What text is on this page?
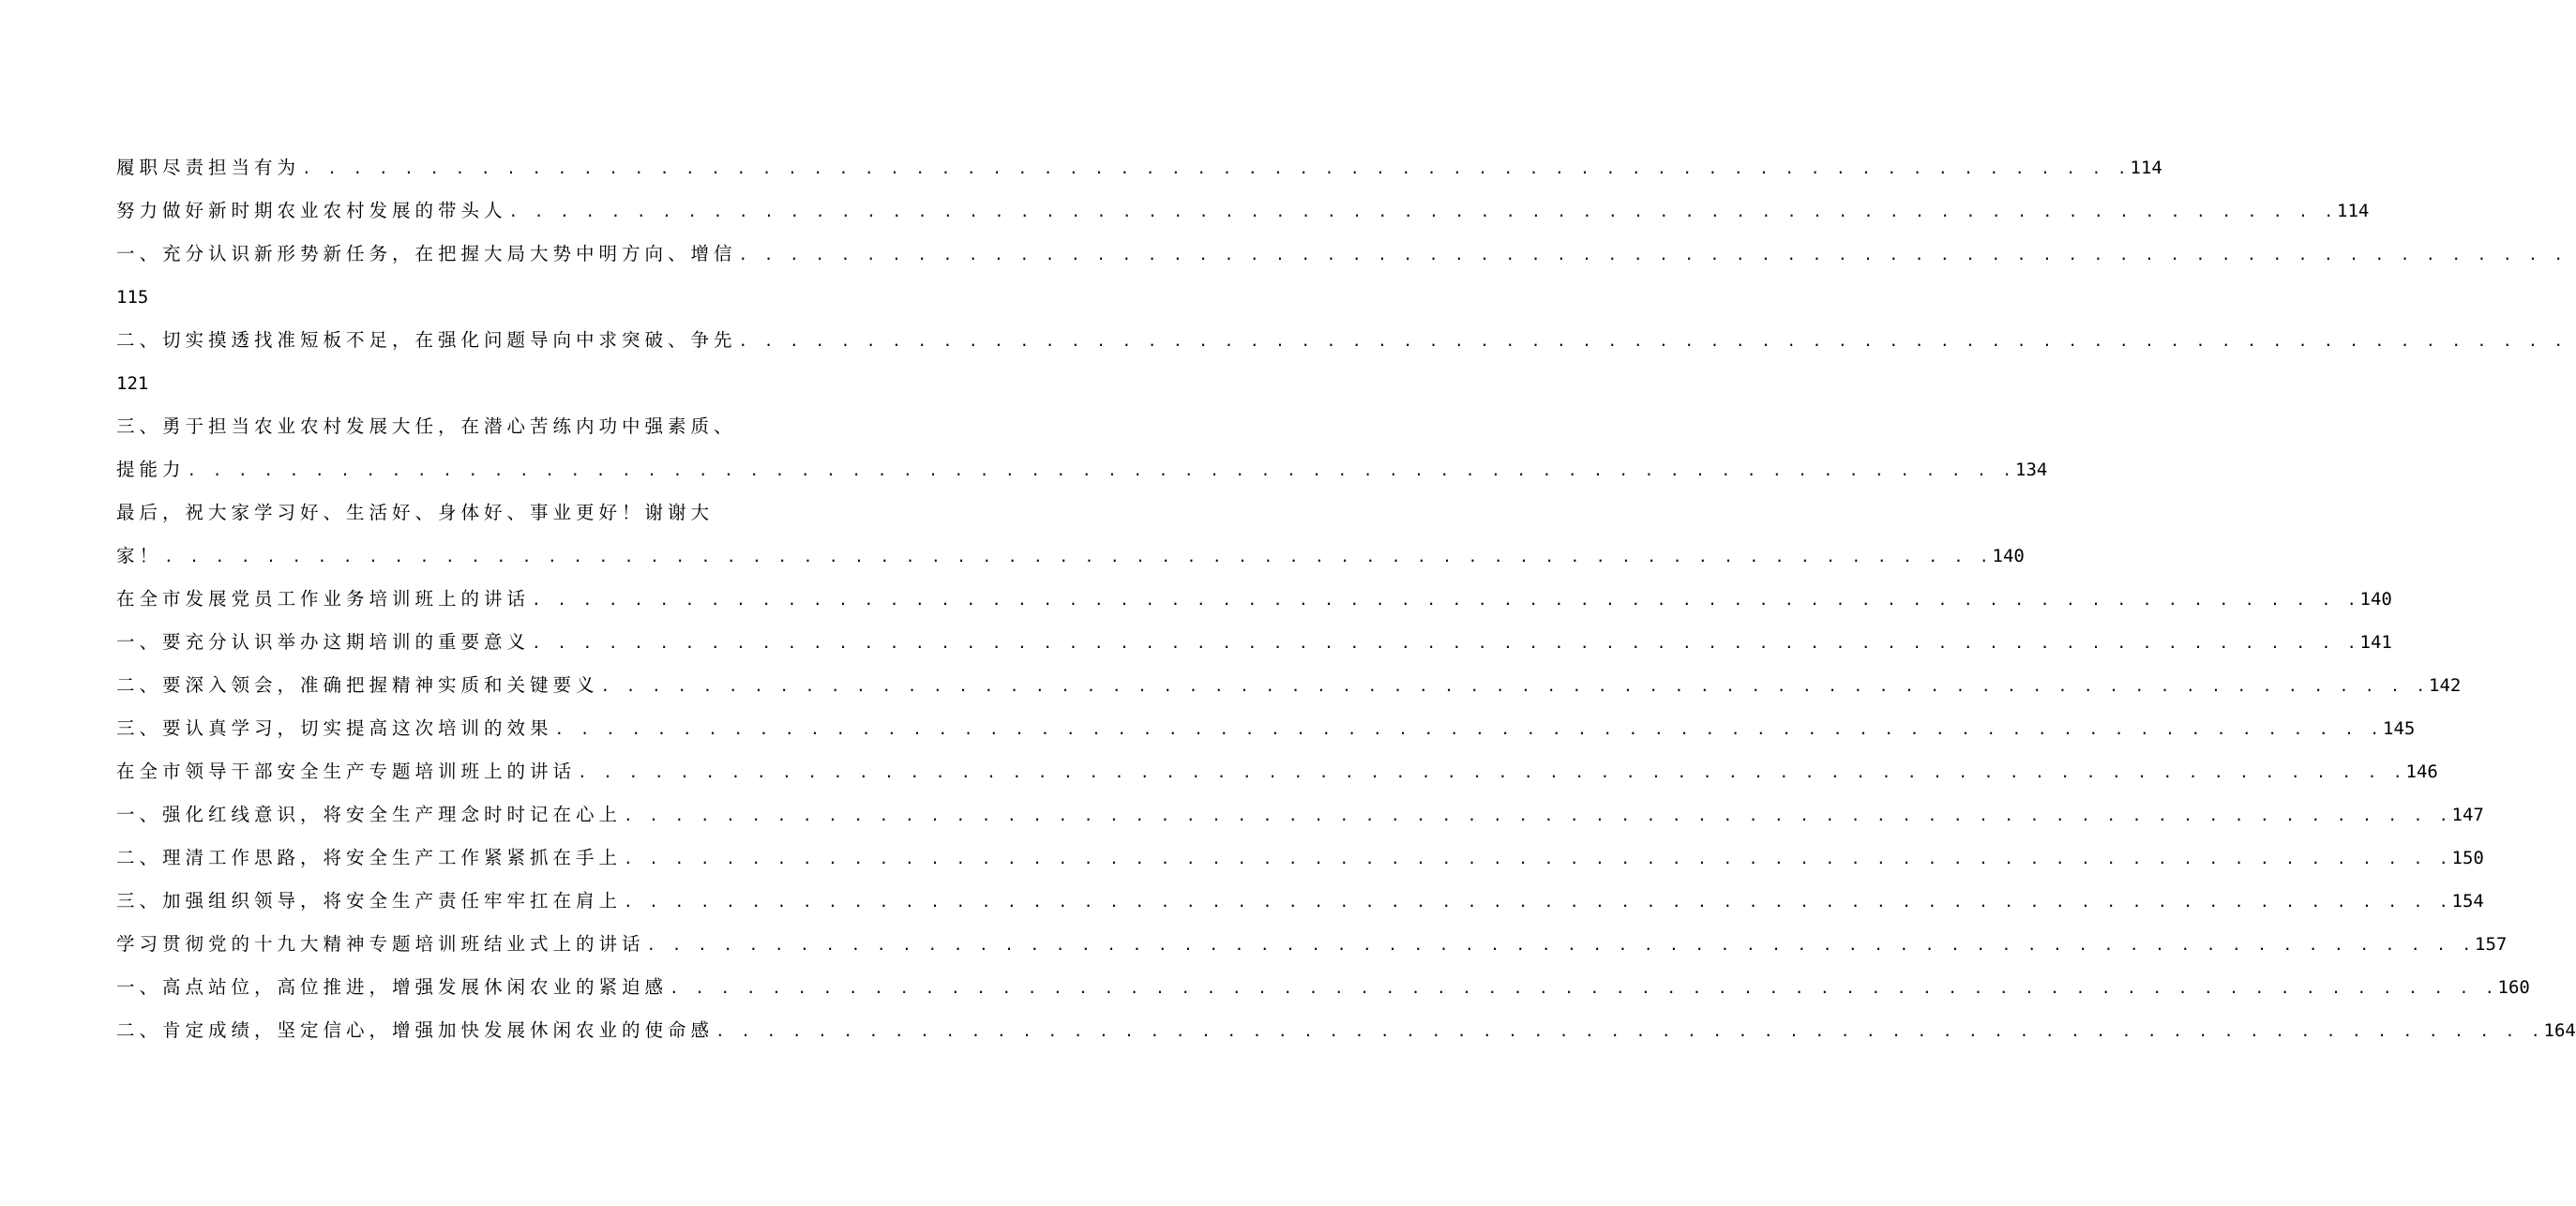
履职尽责担当有为 . . . . . . . . . . . . . . . . . . . . . . . . . . . . . . . . . . . . . . . . . . . . . . . . . . . . . . . . . . . . . . . . . . . . . . . . 114
努力做好新时期农业农村发展的带头人 . . . . . . . . . . . . . . . . . . . . . . . . . . . . . . . . . . . . . . . . . . . . . . . . . . . . . . . . . . . . . . . . . . . . . . . . 114
一、充分认识新形势新任务，在把握大局大势中明方向、增信 . . . . . . . . . . . . . . . . . . . . . . . . . . . . . . . . . . . . . . . . . . . . . . . . . . . . . . . . . . . . . . . . . . . . . . . .
115
二、切实摸透找准短板不足，在强化问题导向中求突破、争先 . . . . . . . . . . . . . . . . . . . . . . . . . . . . . . . . . . . . . . . . . . . . . . . . . . . . . . . . . . . . . . . . . . . . . . . .
121
三、勇于担当农业农村发展大任，在潜心苦练内功中强素质、
提能力 . . . . . . . . . . . . . . . . . . . . . . . . . . . . . . . . . . . . . . . . . . . . . . . . . . . . . . . . . . . . . . . . . . . . . . . . 134
最后，祝大家学习好、生活好、身体好、事业更好！谢谢大
家！ . . . . . . . . . . . . . . . . . . . . . . . . . . . . . . . . . . . . . . . . . . . . . . . . . . . . . . . . . . . . . . . . . . . . . . . . 140
在全市发展党员工作业务培训班上的讲话 . . . . . . . . . . . . . . . . . . . . . . . . . . . . . . . . . . . . . . . . . . . . . . . . . . . . . . . . . . . . . . . . . . . . . . . . 140
一、要充分认识举办这期培训的重要意义 . . . . . . . . . . . . . . . . . . . . . . . . . . . . . . . . . . . . . . . . . . . . . . . . . . . . . . . . . . . . . . . . . . . . . . . . 141
二、要深入领会，准确把握精神实质和关键要义 . . . . . . . . . . . . . . . . . . . . . . . . . . . . . . . . . . . . . . . . . . . . . . . . . . . . . . . . . . . . . . . . . . . . . . . . 142
三、要认真学习，切实提高这次培训的效果 . . . . . . . . . . . . . . . . . . . . . . . . . . . . . . . . . . . . . . . . . . . . . . . . . . . . . . . . . . . . . . . . . . . . . . . . 145
在全市领导干部安全生产专题培训班上的讲话 . . . . . . . . . . . . . . . . . . . . . . . . . . . . . . . . . . . . . . . . . . . . . . . . . . . . . . . . . . . . . . . . . . . . . . . . 146
一、强化红线意识，将安全生产理念时时记在心上 . . . . . . . . . . . . . . . . . . . . . . . . . . . . . . . . . . . . . . . . . . . . . . . . . . . . . . . . . . . . . . . . . . . . . . . . 147
二、理清工作思路，将安全生产工作紧紧抓在手上 . . . . . . . . . . . . . . . . . . . . . . . . . . . . . . . . . . . . . . . . . . . . . . . . . . . . . . . . . . . . . . . . . . . . . . . . 150
三、加强组织领导，将安全生产责任牢牢扛在肩上 . . . . . . . . . . . . . . . . . . . . . . . . . . . . . . . . . . . . . . . . . . . . . . . . . . . . . . . . . . . . . . . . . . . . . . . . 154
学习贯彻党的十九大精神专题培训班结业式上的讲话 . . . . . . . . . . . . . . . . . . . . . . . . . . . . . . . . . . . . . . . . . . . . . . . . . . . . . . . . . . . . . . . . . . . . . . . . 157
一、高点站位，高位推进，增强发展休闲农业的紧迫感 . . . . . . . . . . . . . . . . . . . . . . . . . . . . . . . . . . . . . . . . . . . . . . . . . . . . . . . . . . . . . . . . . . . . . . . . 160
二、肯定成绩，坚定信心，增强加快发展休闲农业的使命感 . . . . . . . . . . . . . . . . . . . . . . . . . . . . . . . . . . . . . . . . . . . . . . . . . . . . . . . . . . . . . . . . . . . . . . . . 164
